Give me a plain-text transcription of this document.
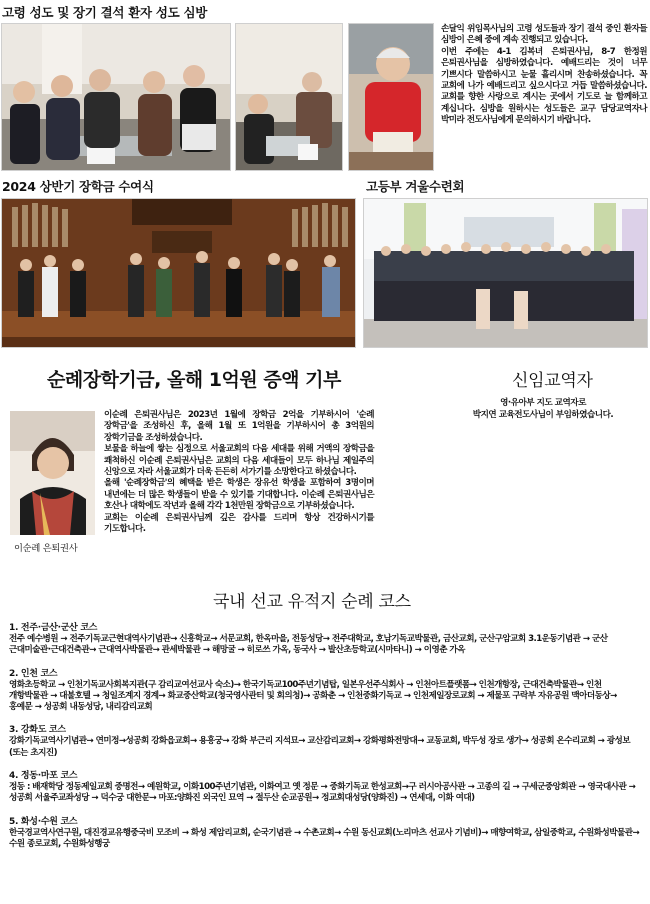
고령 성도 및 장기 결석 환자 성도 심방

손달익 위임목사님의 고령 성도들과 장기 결석 중인 환자들 심방이 은혜 중에 계속 진행되고 있습니다.

이번 주에는 4-1 김복녀 은퇴권사님, 8-7 한정원 은퇴권사님을 심방하였습니다. 예배드리는 것이 너무 기쁘시다 말씀하시고 눈물 흘리시며 찬송하셨습니다. 꼭 교회에 나가 예배드리고 싶으시다고 거듭 말씀하셨습니다. 교회를 향한 사랑으로 계시는 곳에서 기도로 늘 함께하고 계십니다. 심방을 원하시는 성도들은 교구 담당교역자나 박미라 전도사님에게 문의하시기 바랍니다.

2024 상반기 장학금 수여식	고등부 겨울수련회
순례장학기금, 올해 1억원 증액 기부	신임교역자
영·유아부 지도 교역자로
박지연 교육전도사님이 부임하였습니다.
이순례 은퇴권사

이순례 은퇴권사님은 2023년 1월에 장학금 2억을 기부하시어 '순례 장학금'을 조성하신 후, 올해 1월 또 1억원을 기부하시어 총 3억원의 장학기금을 조성하셨습니다.

보물을 하늘에 쌓는 심정으로 서울교회의 다음 세대를 위해 거액의 장학금을 쾌척하신 이순례 은퇴권사님은 교회의 다음 세대들이 모두 하나님 제일주의 신앙으로 자라 서울교회가 더욱 든든히 서가기를 소망한다고 하셨습니다.

올해 '순례장학금'의 혜택을 받은 학생은 장유선 학생을 포함하여 3명이며 내년에는 더 많은 학생들이 받을 수 있기를 기대합니다. 이순례 은퇴권사님은 호산나 대학에도 작년과 올해 각각 1천만원 장학금으로 기부하셨습니다.

교회는 이순례 은퇴권사님께 깊은 감사를 드리며 항상 건강하시기를 기도합니다.

국내 선교 유적지 순례 코스
1. 전주·금산·군산 코스
전주 예수병원 → 전주기독교근현대역사기념관→ 신흥학교→ 서문교회, 한옥마을, 전동성당→ 전주대학교, 호남기독교박물관, 금산교회, 군산구암교회 3.1운동기념관 → 군산 근대미술관·근대건축관→ 근대역사박물관→ 관세박물관 → 해망굴 → 히로쓰 가옥, 동국사 → 발산초등학교(시마타니) → 이영춘 가옥
2. 인천 코스
영화초등학교 → 인천기독교사회복지관(구 감리교여선교사 숙소)→ 한국기독교100주년기념탑, 일본우선주식회사 → 인천아트플랫폼→ 인천개항장, 근대건축박물관→ 인천 개항박물관 → 대불호텔 → 청일조계지 경계→ 화교중산학교(청국영사관터 및 회의청)→ 공화춘 → 인천중화기독교 → 인천제일장로교회 → 제물포 구락부 자유공원 맥아더동상→ 홍예문 → 성공회 내동성당, 내리감리교회
3. 강화도 코스
강화기독교역사기념관→ 연미정→성공회 강화읍교회→ 용흥궁→ 강화 부근리 지석묘→ 교산감리교회→ 강화평화전망대→ 교동교회, 박두성 장로 생가→ 성공회 온수리교회 → 광성보(또는 초지진)
4. 정동·마포 코스
정동 : 배재학당 정동제일교회 중명전→ 예원학교, 이화100주년기념관, 이화여고 옛 정문 → 중화기독교 한성교회→구 러시아공사관 → 고종의 길 → 구세군중앙회관 → 영국대사관 → 성공회 서울주교좌성당 → 덕수궁 대한문→ 마포:양화진 외국인 묘역 → 절두산 순교공원→ 정교회대성당(양화진) → 연세대, 이화 여대)
5. 화성·수원 코스
한국경교역사연구원, 대진경교유행중국비 모조비 → 화성 제암리교회, 순국기념관 → 수촌교회→ 수원 동신교회(노리마츠 선교사 기념비)→ 매향여학교, 삼일중학교, 수원화성박물관→ 수원 종로교회, 수원화성행궁
